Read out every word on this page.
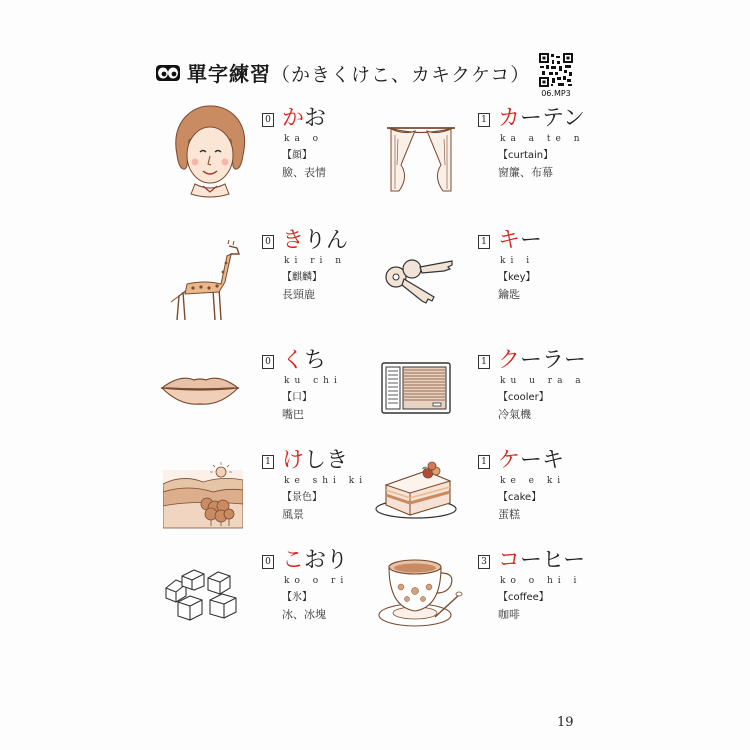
單字練習（かきくけこ、カキクケコ）
06.MP3
0 かお
ka o
【顔】
臉、表情
1 カーテン
ka a te n
【curtain】
窗簾、布幕
0 きりん
ki ri n
【麒麟】
長頸鹿
1 キー
ki i
【key】
鑰匙
0 くち
ku chi
【口】
嘴巴
1 クーラー
ku u ra a
【cooler】
冷氣機
1 けしき
ke shi ki
【景色】
風景
1 ケーキ
ke e ki
【cake】
蛋糕
0 こおり
ko o ri
【氷】
冰、冰塊
3 コーヒー
ko o hi i
【coffee】
咖啡
19
